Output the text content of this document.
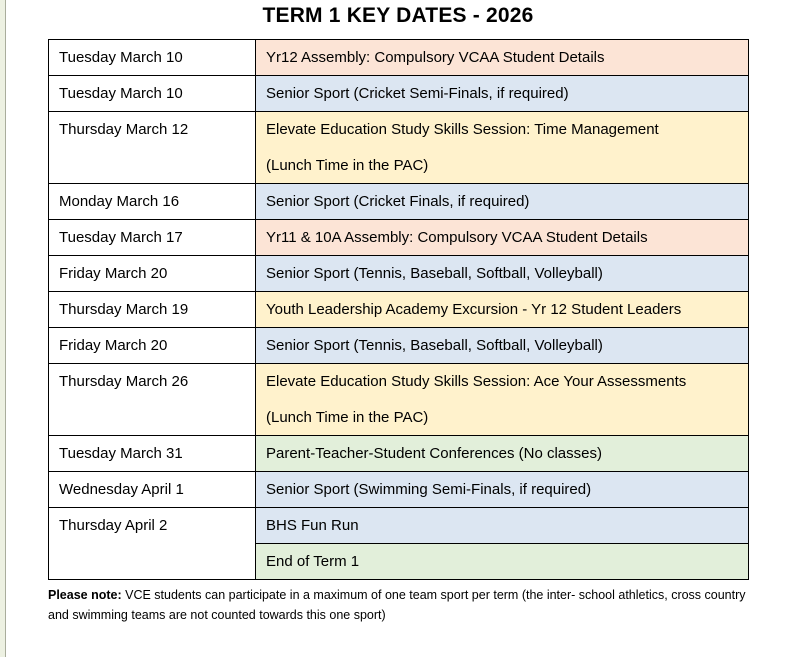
TERM 1 KEY DATES - 2026
Tuesday March 10	Yr12 Assembly: Compulsory VCAA Student Details

Tuesday March 10	Senior Sport (Cricket Semi-Finals, if required)

Thursday March 12	Elevate Education Study Skills Session: Time Management

(Lunch Time in the PAC)

Monday March 16	Senior Sport (Cricket Finals, if required)

Tuesday March 17	Yr11 & 10A Assembly: Compulsory VCAA Student Details

Friday March 20	Senior Sport (Tennis, Baseball, Softball, Volleyball)

Thursday March 19	Youth Leadership Academy Excursion - Yr 12 Student Leaders

Friday March 20	Senior Sport (Tennis, Baseball, Softball, Volleyball)

Thursday March 26	Elevate Education Study Skills Session: Ace Your Assessments

(Lunch Time in the PAC)

Tuesday March 31	Parent-Teacher-Student Conferences (No classes)

Wednesday April 1	Senior Sport (Swimming Semi-Finals, if required)

Thursday April 2	BHS Fun Run

	End of Term 1

Please note: VCE students can participate in a maximum of one team sport per term (the inter- school athletics, cross country and swimming teams are not counted towards this one sport)
